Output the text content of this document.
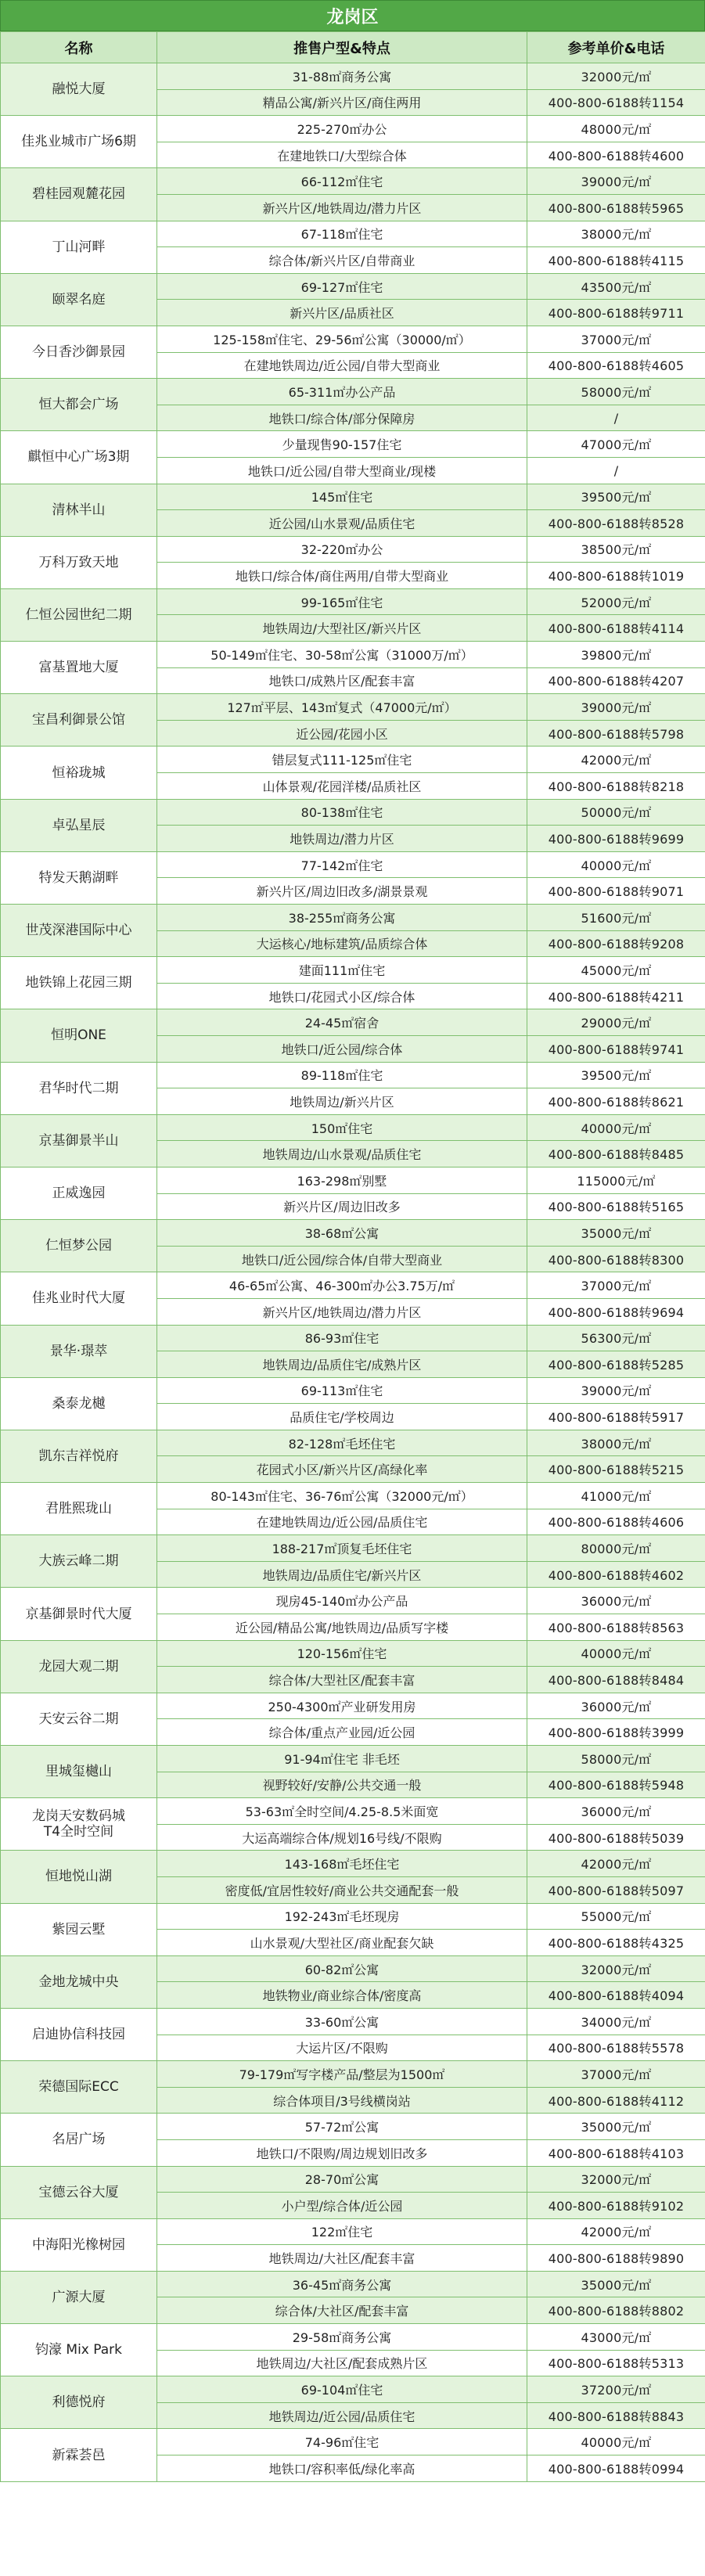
龙岗区
名称	推售户型&特点	参考单价&电话
融悦大厦	31-88㎡商务公寓	32000元/㎡
	精品公寓/新兴片区/商住两用	400-800-6188转1154
佳兆业城市广场6期	225-270㎡办公	48000元/㎡
	在建地铁口/大型综合体	400-800-6188转4600
碧桂园观麓花园	66-112㎡住宅	39000元/㎡
	新兴片区/地铁周边/潜力片区	400-800-6188转5965
丁山河畔	67-118㎡住宅	38000元/㎡
	综合体/新兴片区/自带商业	400-800-6188转4115
颐翠名庭	69-127㎡住宅	43500元/㎡
	新兴片区/品质社区	400-800-6188转9711
今日香沙御景园	125-158㎡住宅、29-56㎡公寓（30000/㎡）	37000元/㎡
	在建地铁周边/近公园/自带大型商业	400-800-6188转4605
恒大都会广场	65-311㎡办公产品	58000元/㎡
	地铁口/综合体/部分保障房	/
麒恒中心广场3期	少量现售90-157住宅	47000元/㎡
	地铁口/近公园/自带大型商业/现楼	/
清林半山	145㎡住宅	39500元/㎡
	近公园/山水景观/品质住宅	400-800-6188转8528
万科万致天地	32-220㎡办公	38500元/㎡
	地铁口/综合体/商住两用/自带大型商业	400-800-6188转1019
仁恒公园世纪二期	99-165㎡住宅	52000元/㎡
	地铁周边/大型社区/新兴片区	400-800-6188转4114
富基置地大厦	50-149㎡住宅、30-58㎡公寓（31000万/㎡）	39800元/㎡
	地铁口/成熟片区/配套丰富	400-800-6188转4207
宝昌利御景公馆	127㎡平层、143㎡复式（47000元/㎡）	39000元/㎡
	近公园/花园小区	400-800-6188转5798
恒裕珑城	错层复式111-125㎡住宅	42000元/㎡
	山体景观/花园洋楼/品质社区	400-800-6188转8218
卓弘星辰	80-138㎡住宅	50000元/㎡
	地铁周边/潜力片区	400-800-6188转9699
特发天鹅湖畔	77-142㎡住宅	40000元/㎡
	新兴片区/周边旧改多/湖景景观	400-800-6188转9071
世茂深港国际中心	38-255㎡商务公寓	51600元/㎡
	大运核心/地标建筑/品质综合体	400-800-6188转9208
地铁锦上花园三期	建面111㎡住宅	45000元/㎡
	地铁口/花园式小区/综合体	400-800-6188转4211
恒明ONE	24-45㎡宿舍	29000元/㎡
	地铁口/近公园/综合体	400-800-6188转9741
君华时代二期	89-118㎡住宅	39500元/㎡
	地铁周边/新兴片区	400-800-6188转8621
京基御景半山	150㎡住宅	40000元/㎡
	地铁周边/山水景观/品质住宅	400-800-6188转8485
正威逸园	163-298㎡别墅	115000元/㎡
	新兴片区/周边旧改多	400-800-6188转5165
仁恒梦公园	38-68㎡公寓	35000元/㎡
	地铁口/近公园/综合体/自带大型商业	400-800-6188转8300
佳兆业时代大厦	46-65㎡公寓、46-300㎡办公3.75万/㎡	37000元/㎡
	新兴片区/地铁周边/潜力片区	400-800-6188转9694
景华·璟萃	86-93㎡住宅	56300元/㎡
	地铁周边/品质住宅/成熟片区	400-800-6188转5285
桑泰龙樾	69-113㎡住宅	39000元/㎡
	品质住宅/学校周边	400-800-6188转5917
凯东吉祥悦府	82-128㎡毛坯住宅	38000元/㎡
	花园式小区/新兴片区/高绿化率	400-800-6188转5215
君胜熙珑山	80-143㎡住宅、36-76㎡公寓（32000元/㎡）	41000元/㎡
	在建地铁周边/近公园/品质住宅	400-800-6188转4606
大族云峰二期	188-217㎡顶复毛坯住宅	80000元/㎡
	地铁周边/品质住宅/新兴片区	400-800-6188转4602
京基御景时代大厦	现房45-140㎡办公产品	36000元/㎡
	近公园/精品公寓/地铁周边/品质写字楼	400-800-6188转8563
龙园大观二期	120-156㎡住宅	40000元/㎡
	综合体/大型社区/配套丰富	400-800-6188转8484
天安云谷二期	250-4300㎡产业研发用房	36000元/㎡
	综合体/重点产业园/近公园	400-800-6188转3999
里城玺樾山	91-94㎡住宅 非毛坯	58000元/㎡
	视野较好/安静/公共交通一般	400-800-6188转5948
龙岗天安数码城
T4全时空间	53-63㎡全时空间/4.25-8.5米面宽	36000元/㎡
	大运高端综合体/规划16号线/不限购	400-800-6188转5039
恒地悦山湖	143-168㎡毛坯住宅	42000元/㎡
	密度低/宜居性较好/商业公共交通配套一般	400-800-6188转5097
紫园云墅	192-243㎡毛坯现房	55000元/㎡
	山水景观/大型社区/商业配套欠缺	400-800-6188转4325
金地龙城中央	60-82㎡公寓	32000元/㎡
	地铁物业/商业综合体/密度高	400-800-6188转4094
启迪协信科技园	33-60㎡公寓	34000元/㎡
	大运片区/不限购	400-800-6188转5578
荣德国际ECC	79-179㎡写字楼产品/整层为1500㎡	37000元/㎡
	综合体项目/3号线横岗站	400-800-6188转4112
名居广场	57-72㎡公寓	35000元/㎡
	地铁口/不限购/周边规划旧改多	400-800-6188转4103
宝德云谷大厦	28-70㎡公寓	32000元/㎡
	小户型/综合体/近公园	400-800-6188转9102
中海阳光橡树园	122㎡住宅	42000元/㎡
	地铁周边/大社区/配套丰富	400-800-6188转9890
广源大厦	36-45㎡商务公寓	35000元/㎡
	综合体/大社区/配套丰富	400-800-6188转8802
钧濠 Mix Park	29-58㎡商务公寓	43000元/㎡
	地铁周边/大社区/配套成熟片区	400-800-6188转5313
利德悦府	69-104㎡住宅	37200元/㎡
	地铁周边/近公园/品质住宅	400-800-6188转8843
新霖荟邑	74-96㎡住宅	40000元/㎡
	地铁口/容积率低/绿化率高	400-800-6188转0994
